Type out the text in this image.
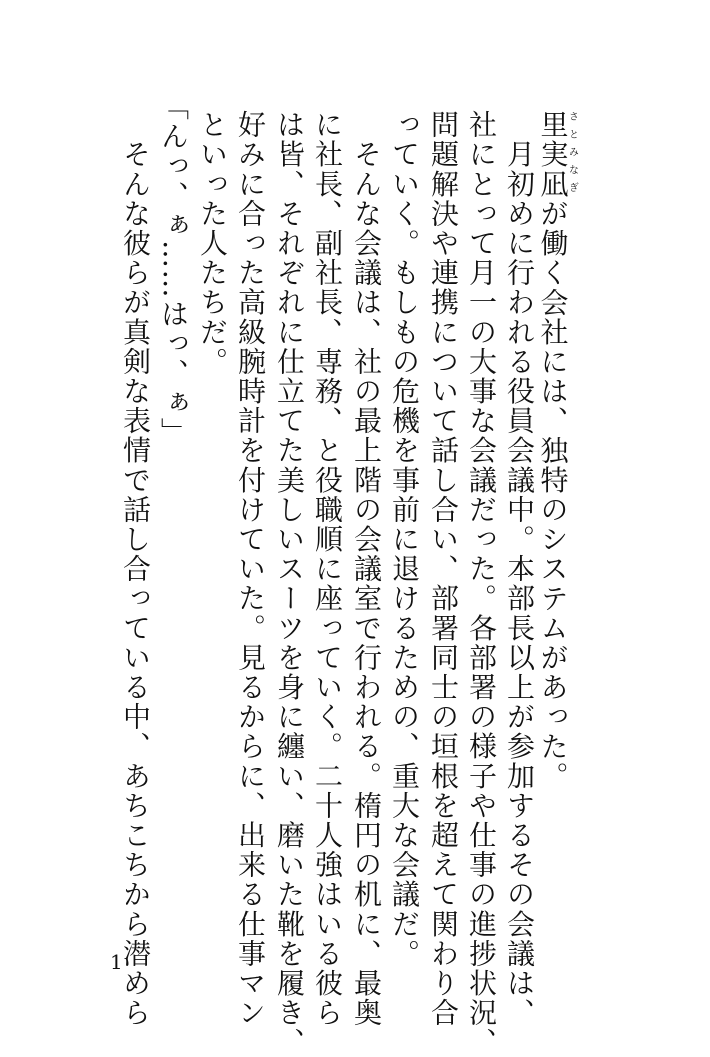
里実凪さとみなぎが働く会社には、独特のシステムがあった。
　月初めに行われる役員会議中。本部長以上が参加するその会議は、
社にとって月一の大事な会議だった。各部署の様子や仕事の進捗状況、
問題解決や連携について話し合い、部署同士の垣根を超えて関わり合
っていく。もしもの危機を事前に退けるための、重大な会議だ。
　そんな会議は、社の最上階の会議室で行われる。楕円の机に、最奥
に社長、副社長、専務、と役職順に座っていく。二十人強はいる彼ら
は皆、それぞれに仕立てた美しいスーツを身に纏い、磨いた靴を履き、
好みに合った高級腕時計を付けていた。見るからに、出来る仕事マン
といった人たちだ。
「んっ、ぁ……はっ、ぁ」
　そんな彼らが真剣な表情で話し合っている中、あちこちから潜めら
1
